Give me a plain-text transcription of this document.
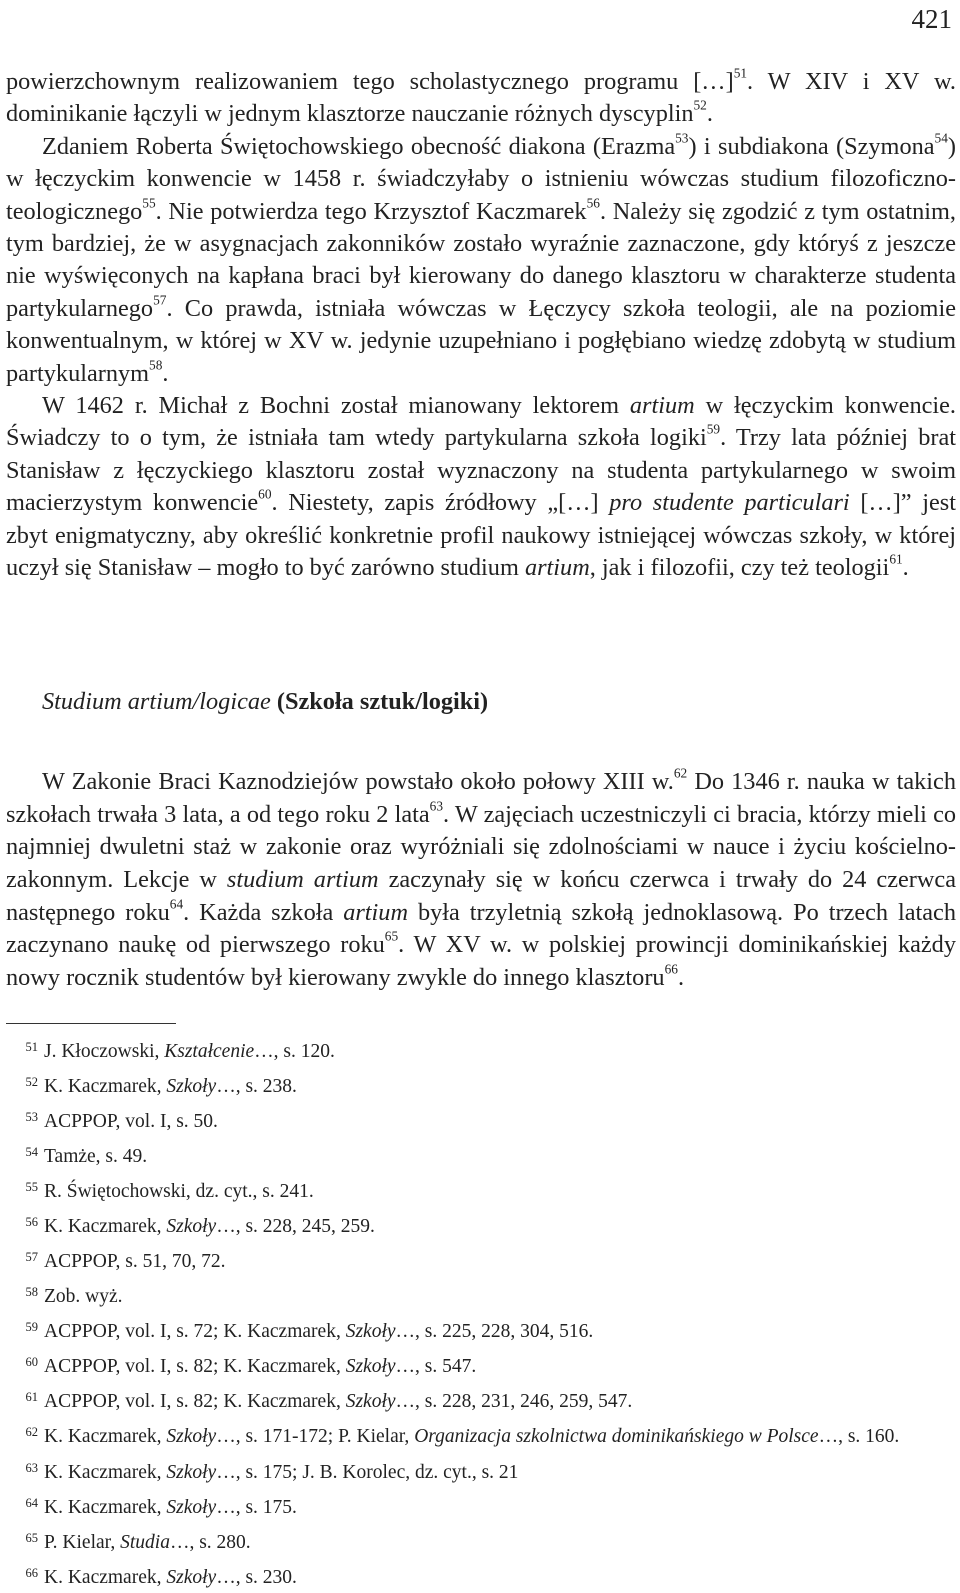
421

powierzchownym realizowaniem tego scholastycznego programu […]$^{51}$. W XIV i XV w. dominikanie łączyli w jednym klasztorze nauczanie różnych dyscyplin$^{52}$.

Zdaniem Roberta Świętochowskiego obecność diakona (Erazma$^{53}$) i subdiakona (Szymona$^{54}$) w łęczyckim konwencie w 1458 r. świadczyłaby o istnieniu wówczas studium filozoficzno-teologicznego$^{55}$. Nie potwierdza tego Krzysztof Kaczmarek$^{56}$. Należy się zgodzić z tym ostatnim, tym bardziej, że w asygnacjach zakonników zostało wyraźnie zaznaczone, gdy któryś z jeszcze nie wyświęconych na kapłana braci był kierowany do danego klasztoru w charakterze studenta partykularnego$^{57}$. Co prawda, istniała wówczas w Łęczycy szkoła teologii, ale na poziomie konwentualnym, w której w XV w. jedynie uzupełniano i pogłębiano wiedzę zdobytą w studium partykularnym$^{58}$.

W 1462 r. Michał z Bochni został mianowany lektorem artium w łęczyckim konwencie. Świadczy to o tym, że istniała tam wtedy partykularna szkoła logiki$^{59}$. Trzy lata później brat Stanisław z łęczyckiego klasztoru został wyznaczony na studenta partykularnego w swoim macierzystym konwencie$^{60}$. Niestety, zapis źródłowy „[…] pro studente particulari […]” jest zbyt enigmatyczny, aby określić konkretnie profil naukowy istniejącej wówczas szkoły, w której uczył się Stanisław – mogło to być zarówno studium artium, jak i filozofii, czy też teologii$^{61}$.

Studium artium/logicae (Szkoła sztuk/logiki)

W Zakonie Braci Kaznodziejów powstało około połowy XIII w.$^{62}$ Do 1346 r. nauka w takich szkołach trwała 3 lata, a od tego roku 2 lata$^{63}$. W zajęciach uczestniczyli ci bracia, którzy mieli co najmniej dwuletni staż w zakonie oraz wyróżniali się zdolnościami w nauce i życiu kościelno-zakonnym. Lekcje w studium artium zaczynały się w końcu czerwca i trwały do 24 czerwca następnego roku$^{64}$. Każda szkoła artium była trzyletnią szkołą jednoklasową. Po trzech latach zaczynano naukę od pierwszego roku$^{65}$. W XV w. w polskiej prowincji dominikańskiej każdy nowy rocznik studentów był kierowany zwykle do innego klasztoru$^{66}$.

51 J. Kłoczowski, Kształcenie…, s. 120.
52 K. Kaczmarek, Szkoły…, s. 238.
53 ACPPOP, vol. I, s. 50.
54 Tamże, s. 49.
55 R. Świętochowski, dz. cyt., s. 241.
56 K. Kaczmarek, Szkoły…, s. 228, 245, 259.
57 ACPPOP, s. 51, 70, 72.
58 Zob. wyż.
59 ACPPOP, vol. I, s. 72; K. Kaczmarek, Szkoły…, s. 225, 228, 304, 516.
60 ACPPOP, vol. I, s. 82; K. Kaczmarek, Szkoły…, s. 547.
61 ACPPOP, vol. I, s. 82; K. Kaczmarek, Szkoły…, s. 228, 231, 246, 259, 547.
62 K. Kaczmarek, Szkoły…, s. 171-172; P. Kielar, Organizacja szkolnictwa dominikańskiego w Polsce…, s. 160.
63 K. Kaczmarek, Szkoły…, s. 175; J. B. Korolec, dz. cyt., s. 21
64 K. Kaczmarek, Szkoły…, s. 175.
65 P. Kielar, Studia…, s. 280.
66 K. Kaczmarek, Szkoły…, s. 230.
